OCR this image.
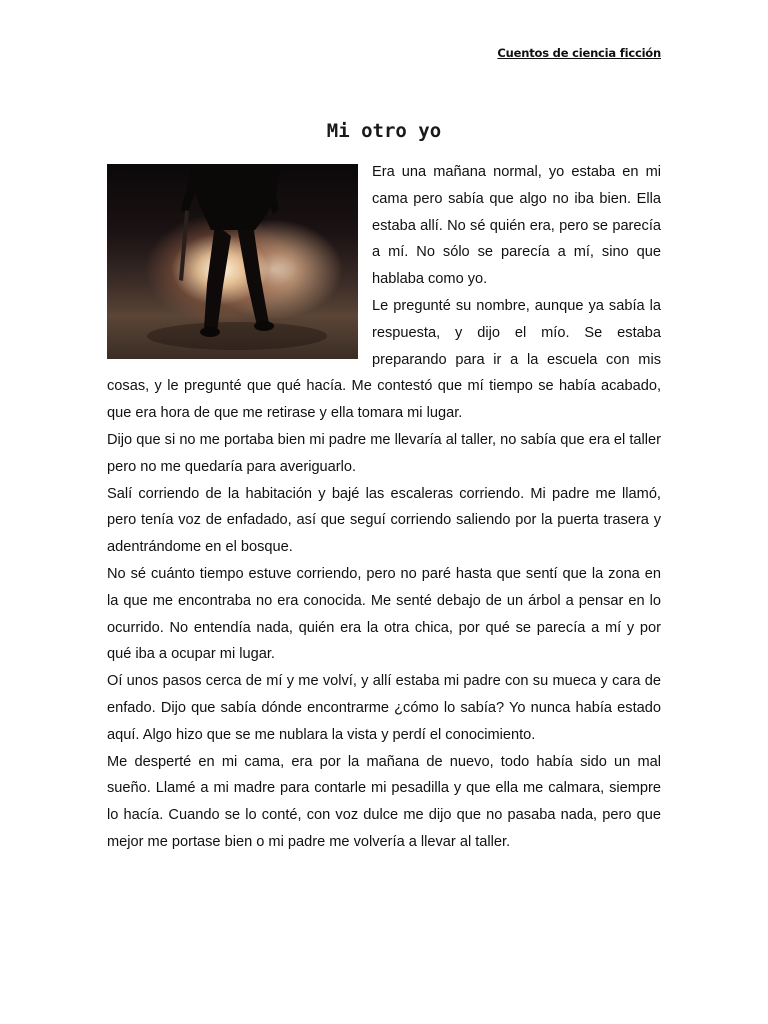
Cuentos de ciencia ficción
Mi otro yo

Era una mañana normal, yo estaba en mi cama pero sabía que algo no iba bien. Ella estaba allí. No sé quién era, pero se parecía a mí. No sólo se parecía a mí, sino que hablaba como yo.

Le pregunté su nombre, aunque ya sabía la respuesta, y dijo el mío. Se estaba preparando para ir a la escuela con mis cosas, y le pregunté que qué hacía. Me contestó que mí tiempo se había acabado, que era hora de que me retirase y ella tomara mi lugar.

Dijo que si no me portaba bien mi padre me llevaría al taller, no sabía que era el taller pero no me quedaría para averiguarlo.

Salí corriendo de la habitación y bajé las escaleras corriendo. Mi padre me llamó, pero tenía voz de enfadado, así que seguí corriendo saliendo por la puerta trasera y adentrándome en el bosque.

No sé cuánto tiempo estuve corriendo, pero no paré hasta que sentí que la zona en la que me encontraba no era conocida. Me senté debajo de un árbol a pensar en lo ocurrido. No entendía nada, quién era la otra chica, por qué se parecía a mí y por qué iba a ocupar mi lugar.

Oí unos pasos cerca de mí y me volví, y allí estaba mi padre con su mueca y cara de enfado. Dijo que sabía dónde encontrarme ¿cómo lo sabía? Yo nunca había estado aquí. Algo hizo que se me nublara la vista y perdí el conocimiento.

Me desperté en mi cama, era por la mañana de nuevo, todo había sido un mal sueño. Llamé a mi madre para contarle mi pesadilla y que ella me calmara, siempre lo hacía. Cuando se lo conté, con voz dulce me dijo que no pasaba nada, pero que mejor me portase bien o mi padre me volvería a llevar al taller.
